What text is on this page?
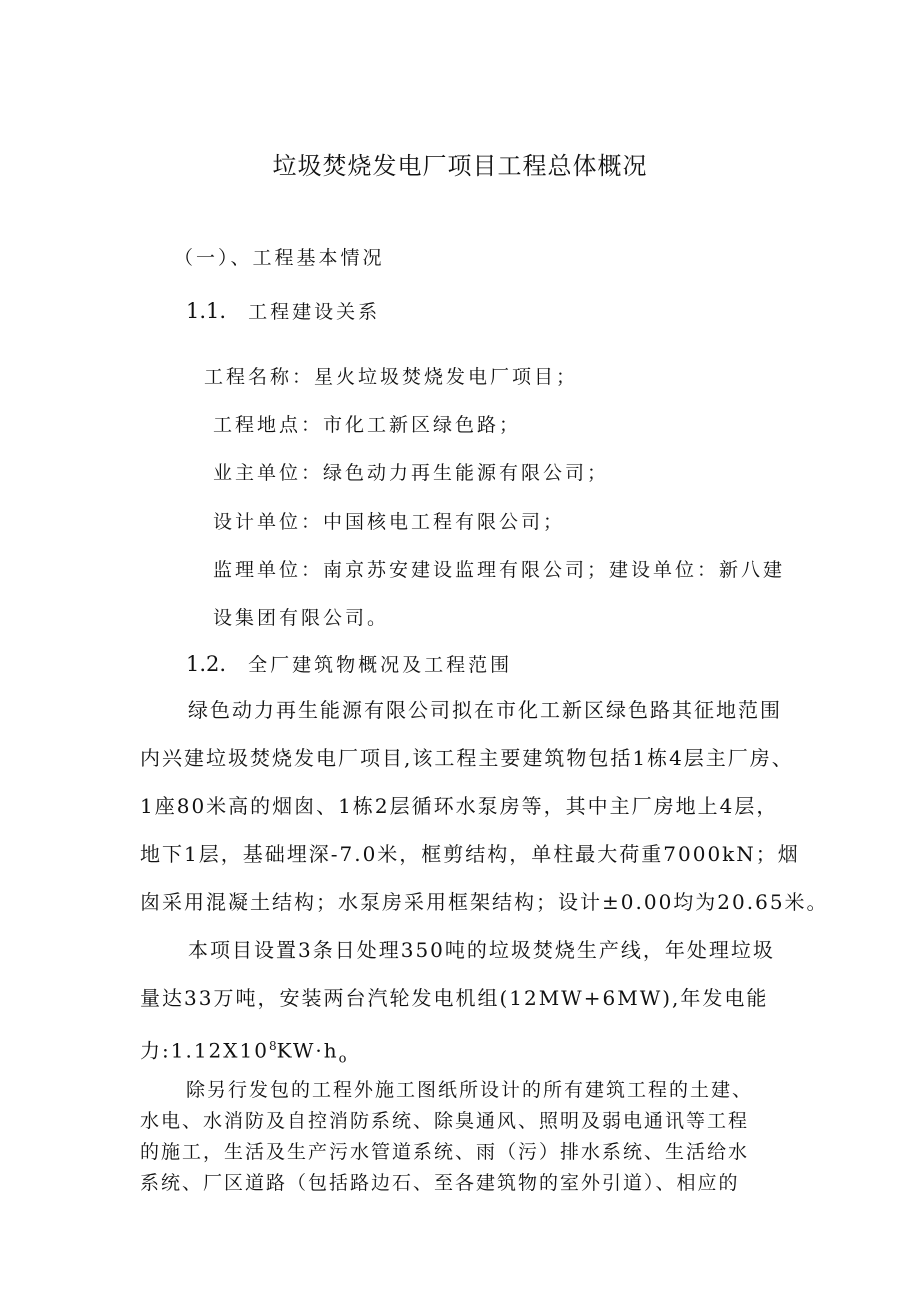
垃圾焚烧发电厂项目工程总体概况
（一）、工程基本情况
1.1. 工程建设关系
工程名称：星火垃圾焚烧发电厂项目；
工程地点：市化工新区绿色路；
业主单位：绿色动力再生能源有限公司；
设计单位：中国核电工程有限公司；
监理单位：南京苏安建设监理有限公司；建设单位：新八建
设集团有限公司。
1.2. 全厂建筑物概况及工程范围
绿色动力再生能源有限公司拟在市化工新区绿色路其征地范围
内兴建垃圾焚烧发电厂项目,该工程主要建筑物包括1栋4层主厂房、
1座80米高的烟囱、1栋2层循环水泵房等，其中主厂房地上4层，
地下1层，基础埋深-7.0米，框剪结构，单柱最大荷重7000kN；烟
囱采用混凝土结构；水泵房采用框架结构；设计±0.00均为20.65米。
本项目设置3条日处理350吨的垃圾焚烧生产线，年处理垃圾
量达33万吨，安装两台汽轮发电机组(12MW+6MW),年发电能
力$:1.12X10^8KW\cdot h_o$
除另行发包的工程外施工图纸所设计的所有建筑工程的土建、
水电、水消防及自控消防系统、除臭通风、照明及弱电通讯等工程
的施工，生活及生产污水管道系统、雨（污）排水系统、生活给水
系统、厂区道路（包括路边石、至各建筑物的室外引道）、相应的
